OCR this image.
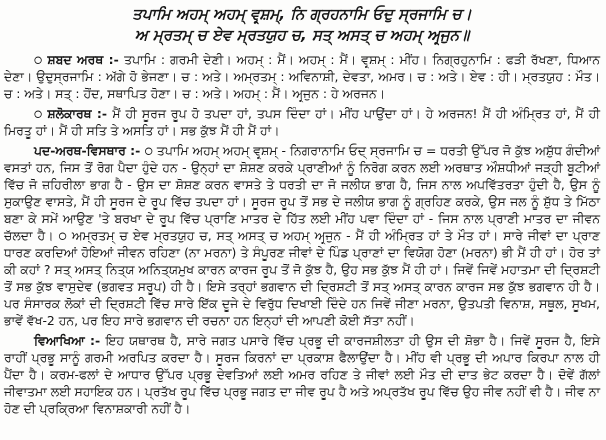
ਤਪਾਮਿ ਅਹਮ੍ ਅਹਮ੍ ਵਰ੍ਸ਼ਮ੍, ਨਿ ਗ੍ਰਹਨਾਮਿ ਓਦੁ ਸ੍ਰਜਾਮਿ ਚ।
ਅ ਮ੍ਰਤਮ੍ ਚ ਏਵ ਮ੍ਰਤਯੁਹ ਚ, ਸਤ੍ ਅਸਤ੍ ਚ ਅਹਮ੍ ਅਰ੍ਜੁਨ॥

੦ ਸ਼ਬਦ ਅਰਥ :- ਤਪਾਮਿ : ਗਰਮੀ ਦੇਣੀ। ਅਹਮ੍ : ਮੈਂ। ਅਹਮ੍ : ਮੈਂ। ਵਰ੍ਸ਼ਮ੍ : ਮੀਂਹ। ਨਿਗ੍ਰਹੁਨਾਮਿ : ਫੜੀ ਰੱਖਣਾ, ਧਿਆਨ ਦੇਣਾ। ਉਦੁਸ੍ਰਜਾਮਿ : ਅੱਗੇ ਹੋ ਭੇਜਣਾ। ਚ : ਅਤੇ। ਅਮ੍ਰਤਮ੍ : ਅਵਿਨਾਸ਼ੀ, ਦੇਵਤਾ, ਅਮਰ। ਚ : ਅਤੇ। ਏਵ : ਹੀ। ਮ੍ਰਤਯੁਹ : ਮੌਤ। ਚ : ਅਤੇ। ਸਤ੍ : ਹੋਂਦ, ਸਥਾਪਿਤ ਹੋਣਾ। ਚ : ਅਤੇ। ਅਹਮ੍ : ਮੈਂ। ਅਰ੍ਜੁਨ : ਹੇ ਅਰਜਨ।

੦ ਸ਼ਲੋਕਾਰਥ :- ਮੈਂ ਹੀ ਸੂਰਜ ਰੂਪ ਹੋ ਤਪਦਾ ਹਾਂ, ਤਪਸ ਦਿੰਦਾ ਹਾਂ। ਮੀਂਹ ਪਾਉਂਦਾ ਹਾਂ। ਹੇ ਅਰਜਨ! ਮੈਂ ਹੀ ਅੰਮ੍ਰਿਤ ਹਾਂ, ਮੈਂ ਹੀ ਮਿਰਤੂ ਹਾਂ। ਮੈਂ ਹੀ ਸਤਿ ਤੇ ਅਸਤਿ ਹਾਂ। ਸਭ ਕੁੱਝ ਮੈਂ ਹੀ ਮੈਂ ਹਾਂ।

ਪਦ-ਅਰਥ-ਵਿਸਥਾਰ :- ੦ ਤਪਾਮਿ ਅਹਮ੍ ਅਹਮ੍ ਵਰ੍ਸ਼ਮ੍ - ਨਿਗਰਾਨਾਮਿ ਓਦ੍ ਸ੍ਰਜਾਮਿ ਚ = ਧਰਤੀ ਉੱਪਰ ਜੋ ਕੁੱਝ ਅਸ਼ੁੱਧ ਗੰਦੀਆਂ ਵਸਤਾਂ ਹਨ, ਜਿਸ ਤੋਂ ਰੋਗ ਪੈਦਾ ਹੁੰਦੇ ਹਨ - ਉਨ੍ਹਾਂ ਦਾ ਸ਼ੋਸ਼ਣ ਕਰਕੇ ਪ੍ਰਾਣੀਆਂ ਨੂੰ ਨਿਰੋਗ ਕਰਨ ਲਈ ਅਰਥਾਤ ਔਸ਼ਧੀਆਂ ਜੜ੍ਹੀ ਬੂਟੀਆਂ ਵਿੱਚ ਜੋ ਜ਼ਹਿਰੀਲਾ ਭਾਗ ਹੈ - ਉਸ ਦਾ ਸ਼ੋਸ਼ਣ ਕਰਨ ਵਾਸਤੇ ਤੇ ਧਰਤੀ ਦਾ ਜੋ ਜਲੀਯ ਭਾਗ ਹੈ, ਜਿਸ ਨਾਲ ਅਪਵਿੱਤਰਤਾ ਹੁੰਦੀ ਹੈ, ਉਸ ਨੂੰ ਸੁਕਾਉਣ ਵਾਸਤੇ, ਮੈਂ ਹੀ ਸੂਰਜ ਦੇ ਰੂਪ ਵਿੱਚ ਤਪਦਾ ਹਾਂ। ਸੂਰਜ ਰੂਪ ਤੋਂ ਸਭ ਦੇ ਜਲੀਯ ਭਾਗ ਨੂੰ ਗ੍ਰਹਿਣ ਕਰਕੇ, ਉਸ ਜਲ ਨੂੰ ਸ਼ੁੱਧ ਤੇ ਮਿੱਠਾ ਬਣਾ ਕੇ ਸਮੇਂ ਆਉਣ 'ਤੇ ਬਰਖਾ ਦੇ ਰੂਪ ਵਿੱਚ ਪ੍ਰਾਣਿ ਮਾਤਰ ਦੇ ਹਿੱਤ ਲਈ ਮੀਂਹ ਪਵਾ ਦਿੰਦਾ ਹਾਂ - ਜਿਸ ਨਾਲ ਪ੍ਰਾਣੀ ਮਾਤਰ ਦਾ ਜੀਵਨ ਚੱਲਦਾ ਹੈ। ੦ ਅਮ੍ਰਤਮ੍ ਚ ਏਵ ਮ੍ਰਤਯੁਹ ਚ, ਸਤ੍ ਅਸਤ੍ ਚ ਅਹਮ੍ ਅਰ੍ਜੁਨ - ਮੈਂ ਹੀ ਅੰਮ੍ਰਿਤ ਹਾਂ ਤੇ ਮੌਤ ਹਾਂ। ਸਾਰੇ ਜੀਵਾਂ ਦਾ ਪ੍ਰਾਣ ਧਾਰਣ ਕਰਦਿਆਂ ਹੋਇਆਂ ਜੀਵਨ ਰਹਿਣਾ (ਨਾ ਮਰਨਾ) ਤੇ ਸੰਪੂਰਣ ਜੀਵਾਂ ਦੇ ਪਿੰਡ ਪ੍ਰਾਣਾਂ ਦਾ ਵਿਯੋਗ ਹੋਣਾ (ਮਰਨਾ) ਭੀ ਮੈਂ ਹੀ ਹਾਂ। ਹੋਰ ਤਾਂ ਕੀ ਕਹਾਂ ? ਸਤ੍ ਅਸਤ੍ ਨਿਤ੍ਯ ਅਨਿਤ੍ਯਮੁਖ ਕਾਰਨ ਕਾਰਜ ਰੂਪ ਤੋਂ ਜੋ ਕੁੱਝ ਹੈ, ਉਹ ਸਭ ਕੁੱਝ ਮੈਂ ਹੀ ਹਾਂ। ਜਿਵੇਂ ਜਿਵੇਂ ਮਹਾਤਮਾ ਦੀ ਦ੍ਰਿਸ਼ਟੀ ਤੋਂ ਸਭ ਕੁੱਝ ਵਾਸੁਦੇਵ (ਭਗਵਤ ਸਰੂਪ) ਹੀ ਹੈ। ਇਸੇ ਤਰ੍ਹਾਂ ਭਗਵਾਨ ਦੀ ਦ੍ਰਿਸ਼ਟੀ ਤੋਂ ਸਤ੍ ਅਸਤ੍ ਕਾਰਨ ਕਾਰਜ ਸਭ ਕੁੱਝ ਭਗਵਾਨ ਹੀ ਹੈ। ਪਰ ਸੰਸਾਰਕ ਲੋਕਾਂ ਦੀ ਦ੍ਰਿਸ਼ਟੀ ਵਿੱਚ ਸਾਰੇ ਇੱਕ ਦੂਜੇ ਦੇ ਵਿਰੁੱਧ ਦਿਖਾਈ ਦਿੰਦੇ ਹਨ ਜਿਵੇਂ ਜੀਣਾ ਮਰਨਾ, ਉਤਪਤੀ ਵਿਨਾਸ਼, ਸਥੂਲ, ਸੂਖਮ, ਭਾਵੇਂ ਵੱਖ-2 ਹਨ, ਪਰ ਇਹ ਸਾਰੇ ਭਗਵਾਨ ਦੀ ਰਚਨਾ ਹਨ ਇਨ੍ਹਾਂ ਦੀ ਆਪਣੀ ਕੋਈ ਸੱਤਾ ਨਹੀਂ।

ਵਿਆਖਿਆ :- ਇਹ ਯਥਾਰਥ ਹੈ, ਸਾਰੇ ਜਗਤ ਪਸਾਰੇ ਵਿੱਚ ਪ੍ਰਭੂ ਦੀ ਕਾਰਜਸ਼ੀਲਤਾ ਹੀ ਉਸ ਦੀ ਸ਼ੋਭਾ ਹੈ। ਜਿਵੇਂ ਸੂਰਜ ਹੈ, ਇਸੇ ਰਾਹੀਂ ਪ੍ਰਭੂ ਸਾਨੂੰ ਗਰਮੀ ਅਰਪਿਤ ਕਰਦਾ ਹੈ। ਸੂਰਜ ਕਿਰਨਾਂ ਦਾ ਪ੍ਰਕਾਸ਼ ਫੈਲਾਉਂਦਾ ਹੈ। ਮੀਂਹ ਵੀ ਪ੍ਰਭੂ ਦੀ ਅਪਾਰ ਕਿਰਪਾ ਨਾਲ ਹੀ ਪੈਂਦਾ ਹੈ। ਕਰਮ-ਫਲਾਂ ਦੇ ਆਧਾਰ ਉੱਪਰ ਪ੍ਰਭੂ ਦੇਵਤਿਆਂ ਲਈ ਅਮਰ ਰਹਿਣ ਤੇ ਜੀਵਾਂ ਲਈ ਮੌਤ ਦੀ ਦਾਤ ਭੇਟ ਕਰਦਾ ਹੈ। ਦੋਵੇਂ ਗੱਲਾਂ ਜੀਵਾਤਮਾ ਲਈ ਸਹਾਇਕ ਹਨ। ਪ੍ਰਤੱਖ ਰੂਪ ਵਿੱਚ ਪ੍ਰਭੂ ਜਗਤ ਦਾ ਜੀਵ ਰੂਪ ਹੈ ਅਤੇ ਅਪ੍ਰਤੱਖ ਰੂਪ ਵਿੱਚ ਉਹ ਜੀਵ ਨਹੀਂ ਵੀ ਹੈ। ਜੀਵ ਨਾ ਹੋਣ ਦੀ ਪ੍ਰਕ੍ਰਿਆ ਵਿਨਾਸ਼ਕਾਰੀ ਨਹੀਂ ਹੈ।
